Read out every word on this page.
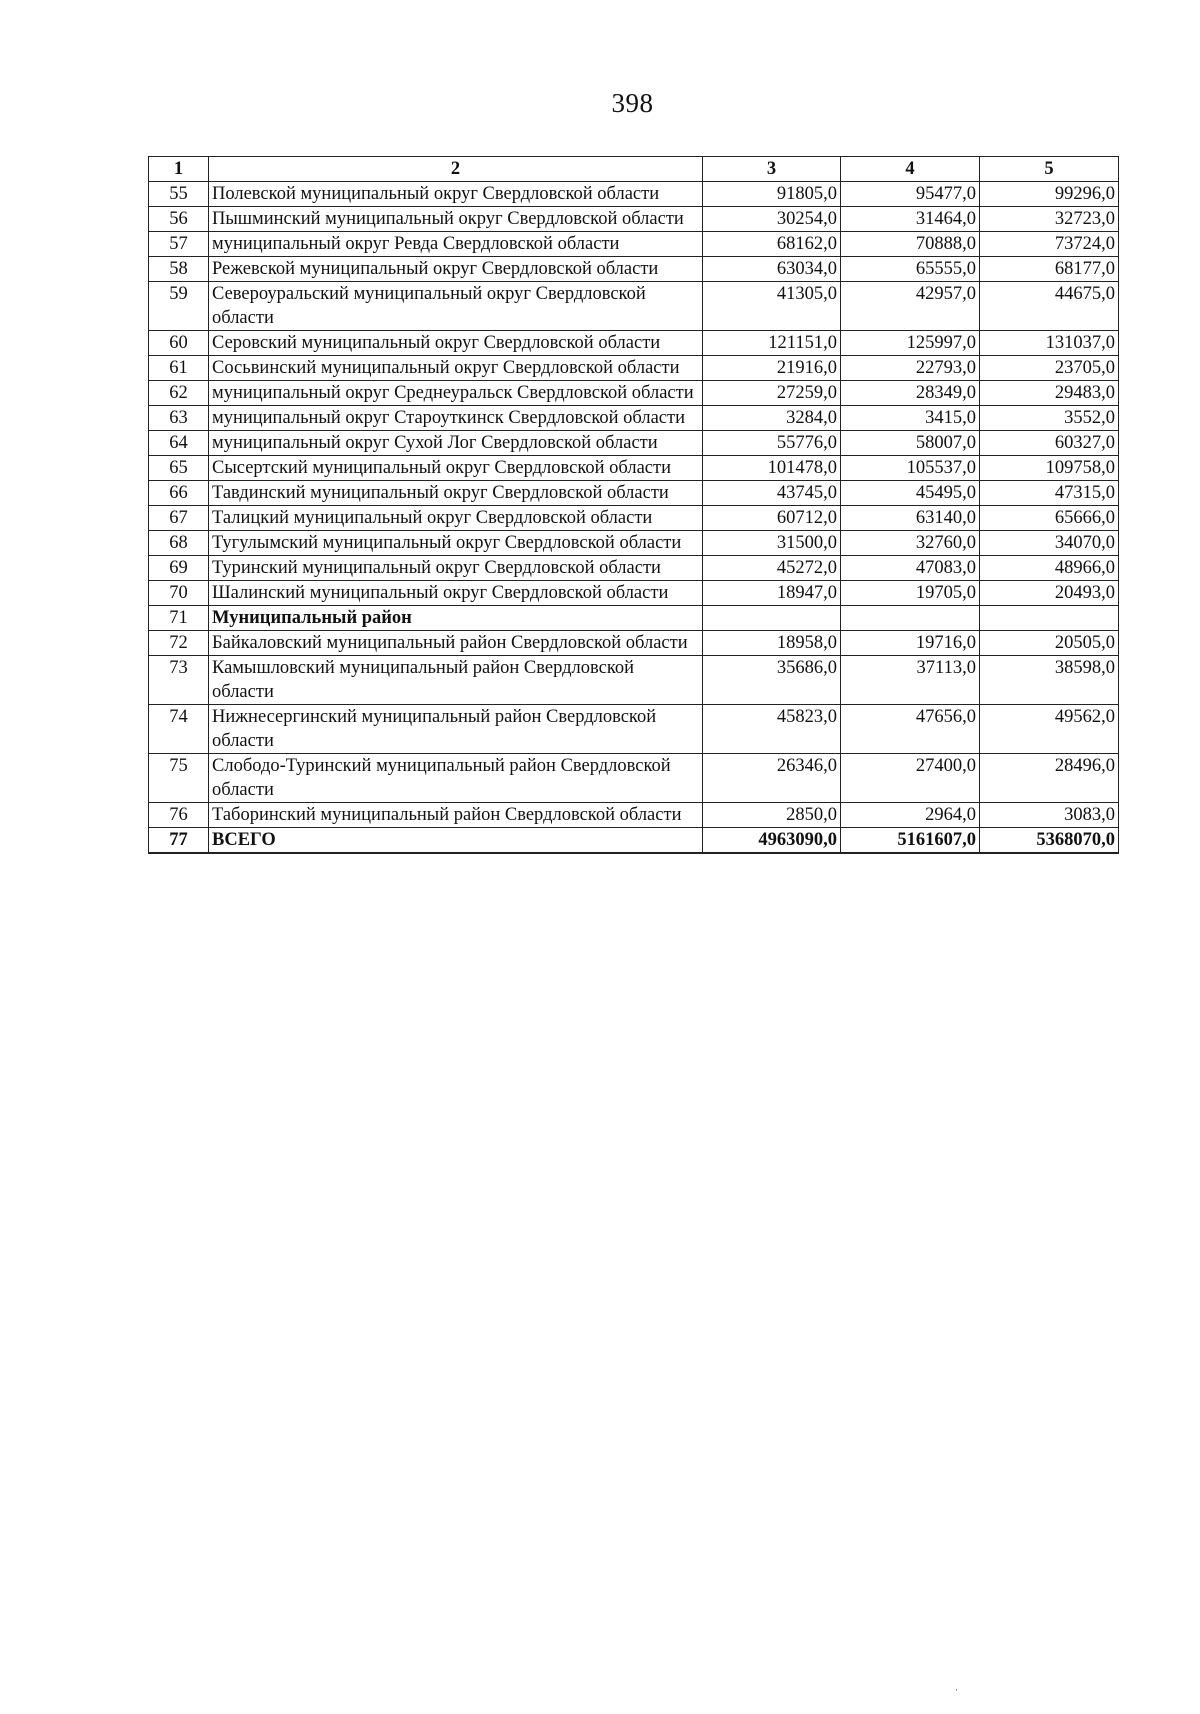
398
1	2	3	4	5
55	Полевской муниципальный округ Свердловской области	91805,0	95477,0	99296,0
56	Пышминский муниципальный округ Свердловской области	30254,0	31464,0	32723,0
57	муниципальный округ Ревда Свердловской области	68162,0	70888,0	73724,0
58	Режевской муниципальный округ Свердловской области	63034,0	65555,0	68177,0
59	Североуральский муниципальный округ Свердловской области	41305,0	42957,0	44675,0
60	Серовский муниципальный округ Свердловской области	121151,0	125997,0	131037,0
61	Сосьвинский муниципальный округ Свердловской области	21916,0	22793,0	23705,0
62	муниципальный округ Среднеуральск Свердловской области	27259,0	28349,0	29483,0
63	муниципальный округ Староуткинск Свердловской области	3284,0	3415,0	3552,0
64	муниципальный округ Сухой Лог Свердловской области	55776,0	58007,0	60327,0
65	Сысертский муниципальный округ Свердловской области	101478,0	105537,0	109758,0
66	Тавдинский муниципальный округ Свердловской области	43745,0	45495,0	47315,0
67	Талицкий муниципальный округ Свердловской области	60712,0	63140,0	65666,0
68	Тугулымский муниципальный округ Свердловской области	31500,0	32760,0	34070,0
69	Туринский муниципальный округ Свердловской области	45272,0	47083,0	48966,0
70	Шалинский муниципальный округ Свердловской области	18947,0	19705,0	20493,0
71	Муниципальный район			
72	Байкаловский муниципальный район Свердловской области	18958,0	19716,0	20505,0
73	Камышловский муниципальный район Свердловской области	35686,0	37113,0	38598,0
74	Нижнесергинский муниципальный район Свердловской области	45823,0	47656,0	49562,0
75	Слободо-Туринский муниципальный район Свердловской области	26346,0	27400,0	28496,0
76	Таборинский муниципальный район Свердловской области	2850,0	2964,0	3083,0
77	ВСЕГО	4963090,0	5161607,0	5368070,0
ˌ
